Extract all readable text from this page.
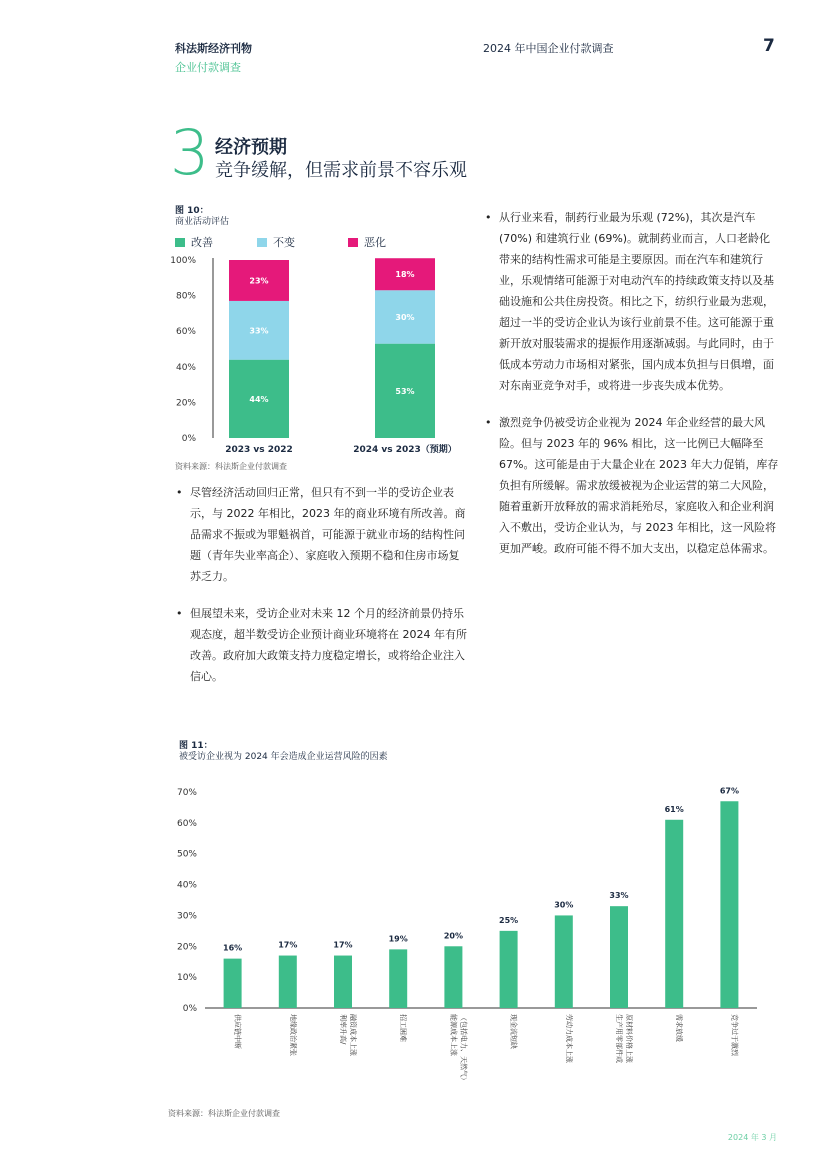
科法斯经济刊物
企业付款调查
2024 年中国企业付款调查	7
3 经济预期
竞争缓解，但需求前景不容乐观
图 10：
商业活动评估
改善	不变	恶化
0%
20%
40%
60%
80%
100%
44%
33%
23%
2023 vs 2022
53%
30%
18%
2024 vs 2023（预期）
资料来源：科法斯企业付款调查
• 尽管经济活动回归正常，但只有不到一半的受访企业表示，与 2022 年相比，2023 年的商业环境有所改善。商品需求不振或为罪魁祸首，可能源于就业市场的结构性问题（青年失业率高企）、家庭收入预期不稳和住房市场复苏乏力。
• 但展望未来，受访企业对未来 12 个月的经济前景仍持乐观态度，超半数受访企业预计商业环境将在 2024 年有所改善。政府加大政策支持力度稳定增长，或将给企业注入信心。
• 从行业来看，制药行业最为乐观 (72%)，其次是汽车 (70%) 和建筑行业 (69%)。就制药业而言，人口老龄化带来的结构性需求可能是主要原因。而在汽车和建筑行业，乐观情绪可能源于对电动汽车的持续政策支持以及基础设施和公共住房投资。相比之下，纺织行业最为悲观，超过一半的受访企业认为该行业前景不佳。这可能源于重新开放对服装需求的提振作用逐渐减弱。与此同时，由于低成本劳动力市场相对紧张，国内成本负担与日俱增，面对东南亚竞争对手，或将进一步丧失成本优势。
• 激烈竞争仍被受访企业视为 2024 年企业经营的最大风险。但与 2023 年的 96% 相比，这一比例已大幅降至 67%。这可能是由于大量企业在 2023 年大力促销，库存负担有所缓解。需求放缓被视为企业运营的第二大风险，随着重新开放释放的需求消耗殆尽，家庭收入和企业利润入不敷出，受访企业认为，与 2023 年相比，这一风险将更加严峻。政府可能不得不加大支出，以稳定总体需求。
图 11：
被受访企业视为 2024 年会造成企业运营风险的因素
0%
10%
20%
30%
40%
50%
60%
70%
16%
供应链中断
17%
地缘政治紧张
17%
利率升高/ 融资成本上涨
19%
招工困难
20%
能源成本上涨 （包括电力、天然气）
25%
现金流短缺
30%
劳动力成本上涨
33%
生产用零部件或 原材料价格上涨
61%
需求放缓
67%
竞争过于激烈
资料来源：科法斯企业付款调查
2024 年 3 月
